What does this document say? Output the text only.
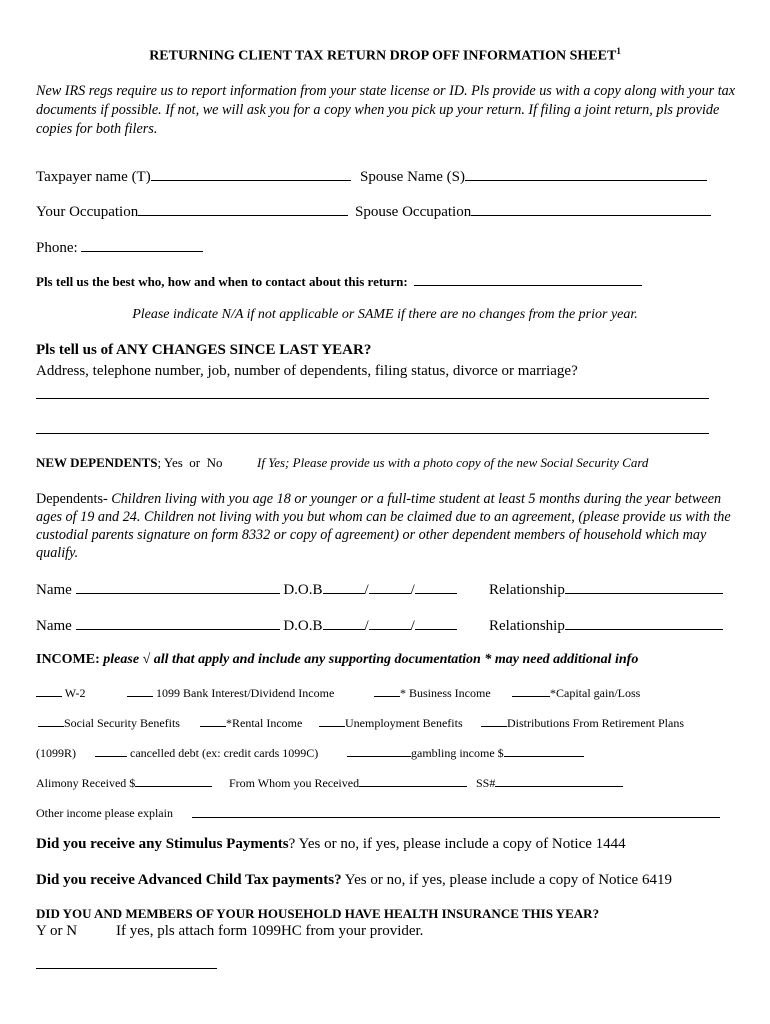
RETURNING CLIENT TAX RETURN DROP OFF INFORMATION SHEET$^1$
New IRS regs require us to report information from your state license or ID. Pls provide us with a copy along with your tax documents if possible. If not, we will ask you for a copy when you pick up your return. If filing a joint return, pls provide copies for both filers.
Taxpayer name (T)	Spouse Name (S)
Your Occupation	Spouse Occupation
Phone:
Pls tell us the best who, how and when to contact about this return:
Please indicate N/A if not applicable or SAME if there are no changes from the prior year.
Pls tell us of ANY CHANGES SINCE LAST YEAR?
Address, telephone number, job, number of dependents, filing status, divorce or marriage?
NEW DEPENDENTS; Yes  or  No	If Yes; Please provide us with a photo copy of the new Social Security Card
Dependents- Children living with you age 18 or younger or a full-time student at least 5 months during the year between ages of 19 and 24. Children not living with you but whom can be claimed due to an agreement, (please provide us with the custodial parents signature on form 8332 or copy of agreement) or other dependent members of household which may qualify.
Name	D.O.B	/	/	Relationship
Name	D.O.B	/	/	Relationship
INCOME: please √ all that apply and include any supporting documentation * may need additional info
W-2	1099 Bank Interest/Dividend Income	* Business Income	*Capital gain/Loss
Social Security Benefits	*Rental Income	Unemployment Benefits	Distributions From Retirement Plans
(1099R)	cancelled debt (ex: credit cards 1099C)	gambling income $
Alimony Received $	From Whom you Received	SS#
Other income please explain
Did you receive any Stimulus Payments? Yes or no, if yes, please include a copy of Notice 1444
Did you receive Advanced Child Tax payments? Yes or no, if yes, please include a copy of Notice 6419
DID YOU AND MEMBERS OF YOUR HOUSEHOLD HAVE HEALTH INSURANCE THIS YEAR?
Y or N	If yes, pls attach form 1099HC from your provider.
